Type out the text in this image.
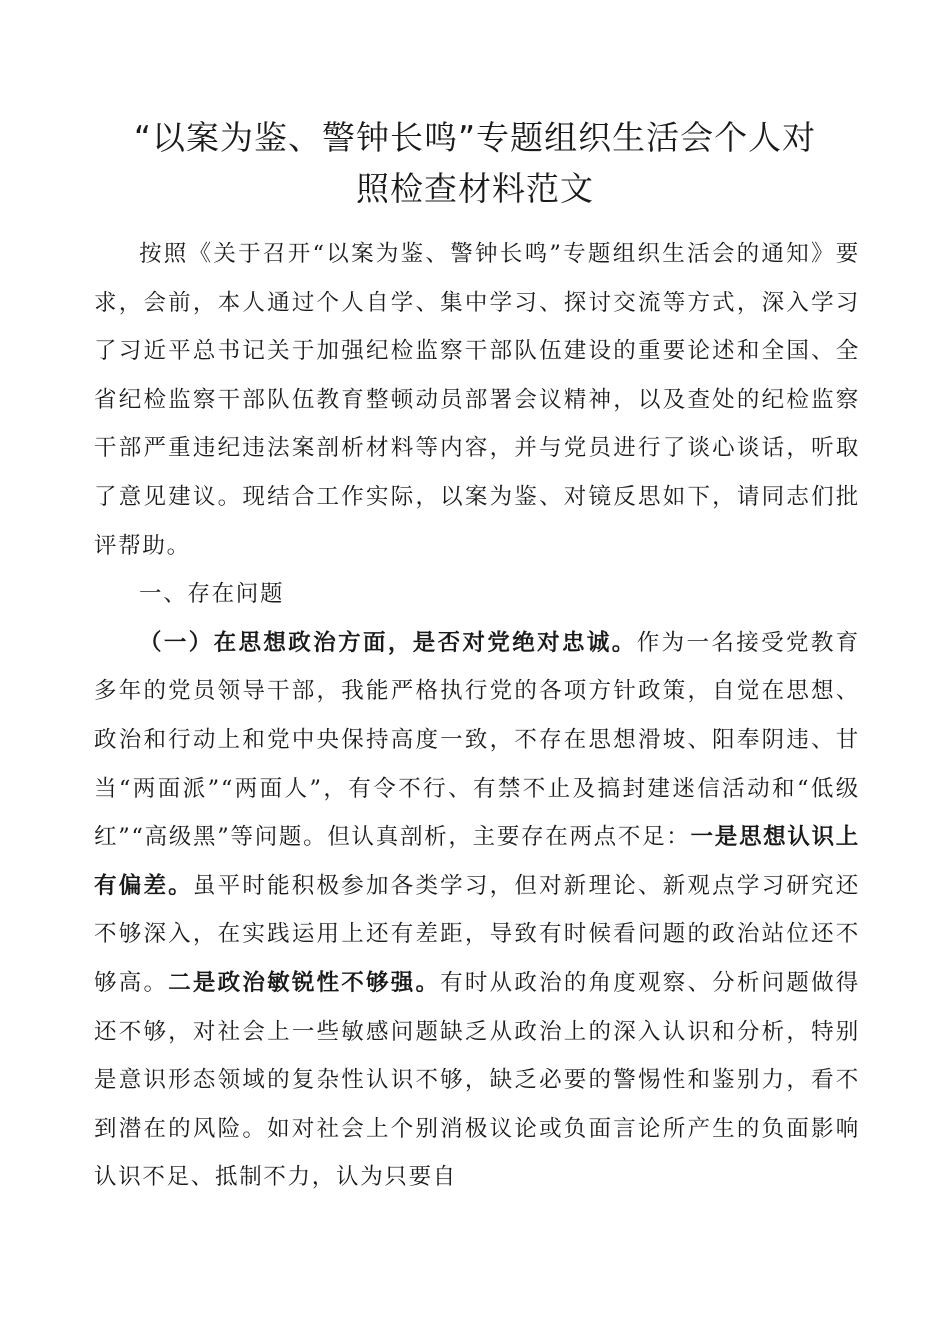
“以案为鉴、警钟长鸣”专题组织生活会个人对
照检查材料范文

按照《关于召开“以案为鉴、警钟长鸣”专题组织生活会的通知》要求，会前，本人通过个人自学、集中学习、探讨交流等方式，深入学习了习近平总书记关于加强纪检监察干部队伍建设的重要论述和全国、全省纪检监察干部队伍教育整顿动员部署会议精神，以及查处的纪检监察干部严重违纪违法案剖析材料等内容，并与党员进行了谈心谈话，听取了意见建议。现结合工作实际，以案为鉴、对镜反思如下，请同志们批评帮助。

一、存在问题

（一）在思想政治方面，是否对党绝对忠诚。作为一名接受党教育多年的党员领导干部，我能严格执行党的各项方针政策，自觉在思想、政治和行动上和党中央保持高度一致，不存在思想滑坡、阳奉阴违、甘当“两面派”“两面人”，有令不行、有禁不止及搞封建迷信活动和“低级红”“高级黑”等问题。但认真剖析，主要存在两点不足：一是思想认识上有偏差。虽平时能积极参加各类学习，但对新理论、新观点学习研究还不够深入，在实践运用上还有差距，导致有时候看问题的政治站位还不够高。二是政治敏锐性不够强。有时从政治的角度观察、分析问题做得还不够，对社会上一些敏感问题缺乏从政治上的深入认识和分析，特别是意识形态领域的复杂性认识不够，缺乏必要的警惕性和鉴别力，看不到潜在的风险。如对社会上个别消极议论或负面言论所产生的负面影响认识不足、抵制不力，认为只要自
